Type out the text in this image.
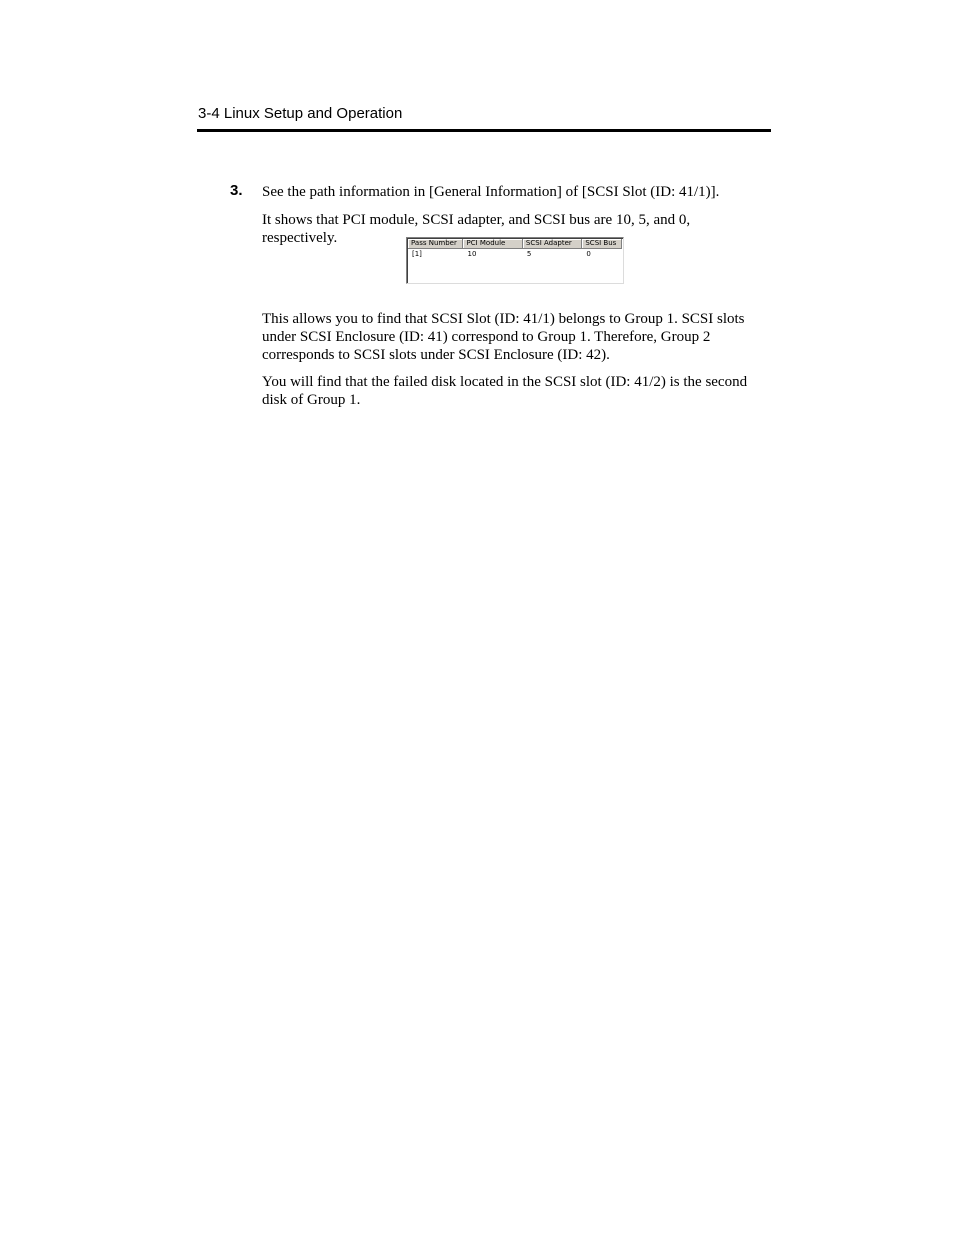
3-4 Linux Setup and Operation
3. See the path information in [General Information] of [SCSI Slot (ID: 41/1)].

It shows that PCI module, SCSI adapter, and SCSI bus are 10, 5, and 0, respectively.	Pass Number	PCI Module	SCSI Adapter	SCSI Bus
[1]	10	5	0

This allows you to find that SCSI Slot (ID: 41/1) belongs to Group 1. SCSI slots under SCSI Enclosure (ID: 41) correspond to Group 1. Therefore, Group 2 corresponds to SCSI slots under SCSI Enclosure (ID: 42).

You will find that the failed disk located in the SCSI slot (ID: 41/2) is the second disk of Group 1.
